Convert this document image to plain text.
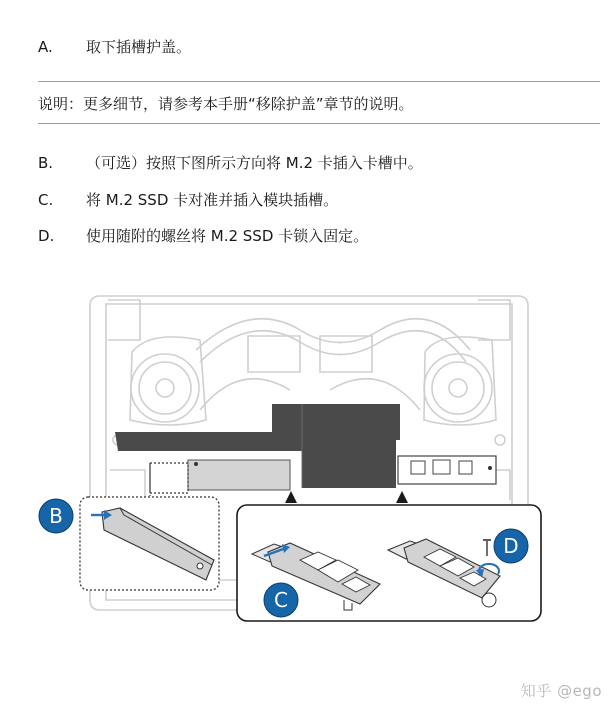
A.	取下插槽护盖。
说明：更多细节，请参考本手册“移除护盖”章节的说明。
B.	（可选）按照下图所示方向将 M.2 卡插入卡槽中。
C.	将 M.2 SSD 卡对准并插入模块插槽。
D.	使用随附的螺丝将 M.2 SSD 卡锁入固定。
B
C
D
知乎 @ego
